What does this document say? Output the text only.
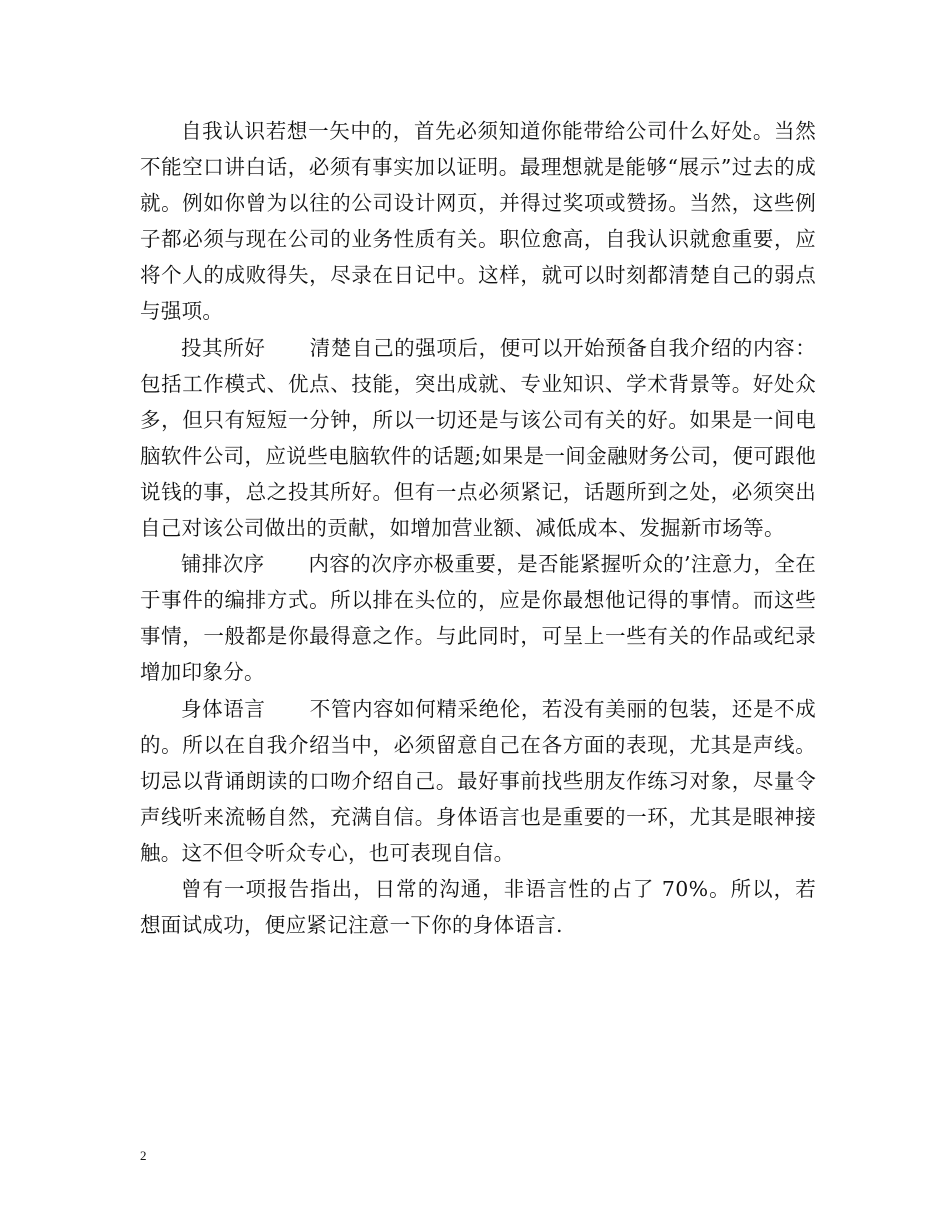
自我认识若想一矢中的，首先必须知道你能带给公司什么好处。当然不能空口讲白话，必须有事实加以证明。最理想就是能够“展示”过去的成就。例如你曾为以往的公司设计网页，并得过奖项或赞扬。当然，这些例子都必须与现在公司的业务性质有关。职位愈高，自我认识就愈重要，应将个人的成败得失，尽录在日记中。这样，就可以时刻都清楚自己的弱点与强项。

投其所好 清楚自己的强项后，便可以开始预备自我介绍的内容：包括工作模式、优点、技能，突出成就、专业知识、学术背景等。好处众多，但只有短短一分钟，所以一切还是与该公司有关的好。如果是一间电脑软件公司，应说些电脑软件的话题;如果是一间金融财务公司，便可跟他说钱的事，总之投其所好。但有一点必须紧记，话题所到之处，必须突出自己对该公司做出的贡献，如增加营业额、减低成本、发掘新市场等。

铺排次序 内容的次序亦极重要，是否能紧握听众的’注意力，全在于事件的编排方式。所以排在头位的，应是你最想他记得的事情。而这些事情，一般都是你最得意之作。与此同时，可呈上一些有关的作品或纪录增加印象分。

身体语言 不管内容如何精采绝伦，若没有美丽的包装，还是不成的。所以在自我介绍当中，必须留意自己在各方面的表现，尤其是声线。切忌以背诵朗读的口吻介绍自己。最好事前找些朋友作练习对象，尽量令声线听来流畅自然，充满自信。身体语言也是重要的一环，尤其是眼神接触。这不但令听众专心，也可表现自信。

曾有一项报告指出，日常的沟通，非语言性的占了 70%。所以，若想面试成功，便应紧记注意一下你的身体语言.

2
